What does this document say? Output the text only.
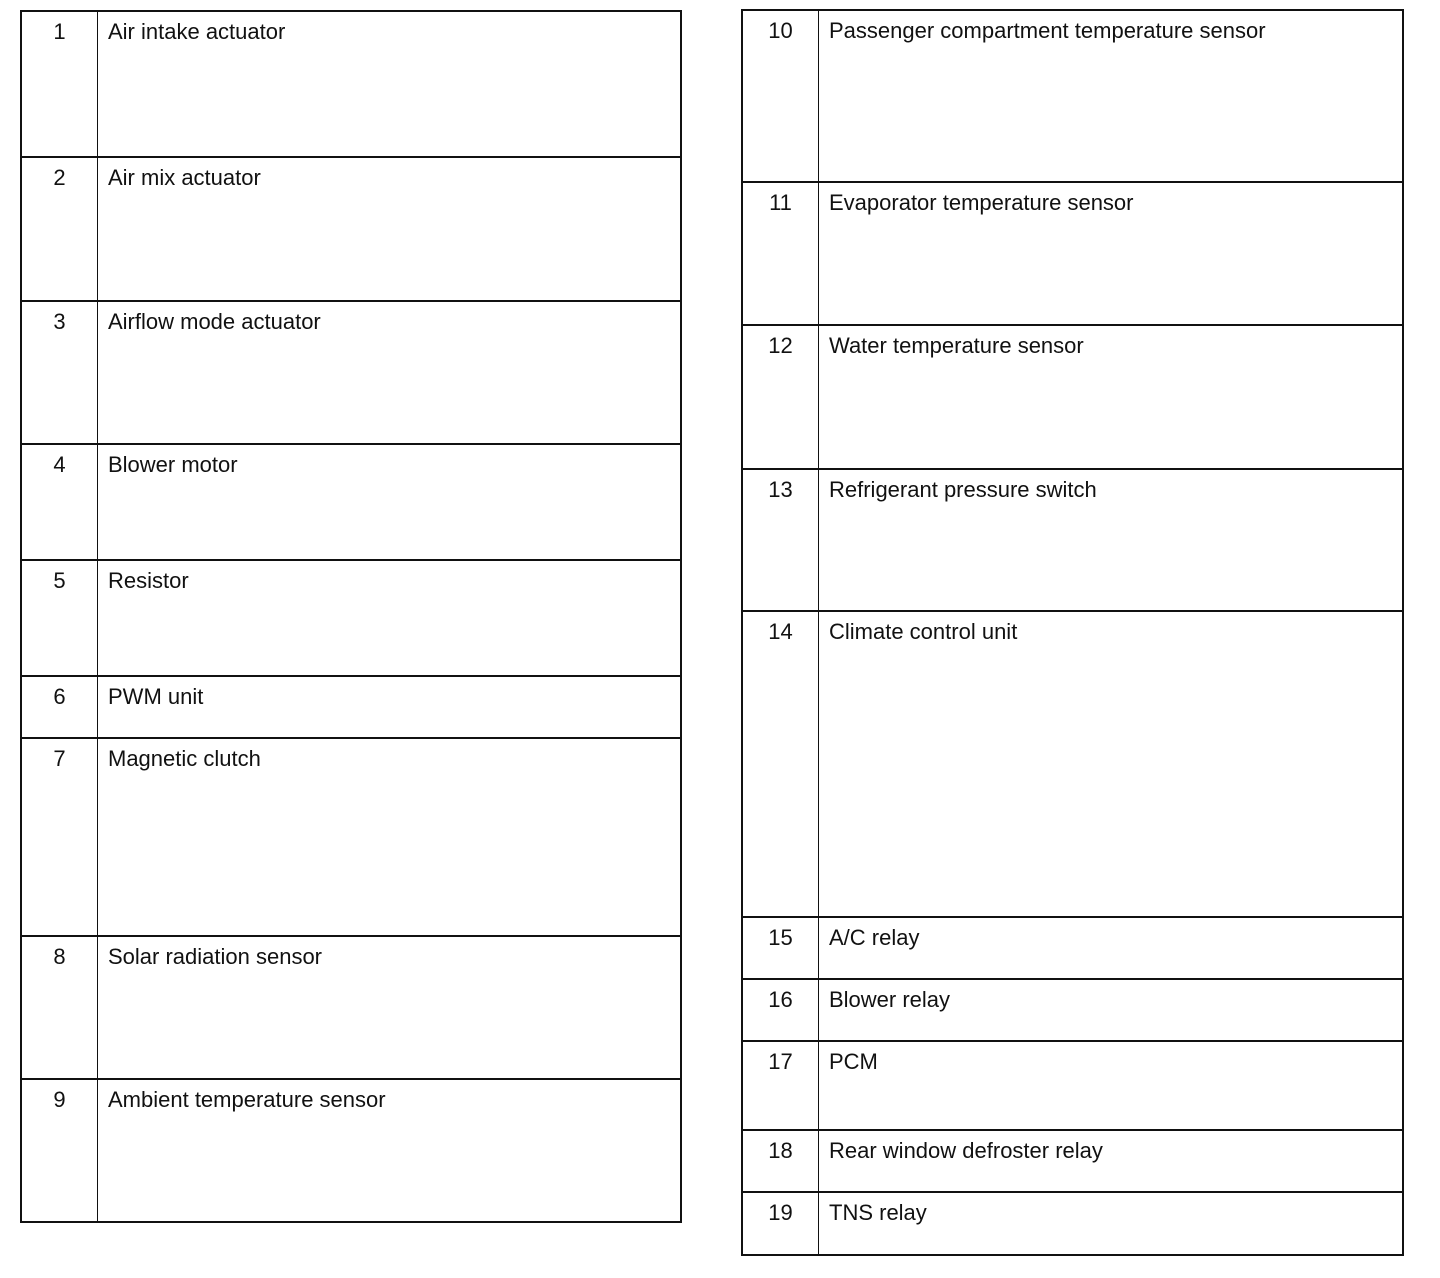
1	Air intake actuator
2	Air mix actuator
3	Airflow mode actuator
4	Blower motor
5	Resistor
6	PWM unit
7	Magnetic clutch
8	Solar radiation sensor
9	Ambient temperature sensor
10	Passenger compartment temperature sensor
11	Evaporator temperature sensor
12	Water temperature sensor
13	Refrigerant pressure switch
14	Climate control unit
15	A/C relay
16	Blower relay
17	PCM
18	Rear window defroster relay
19	TNS relay
